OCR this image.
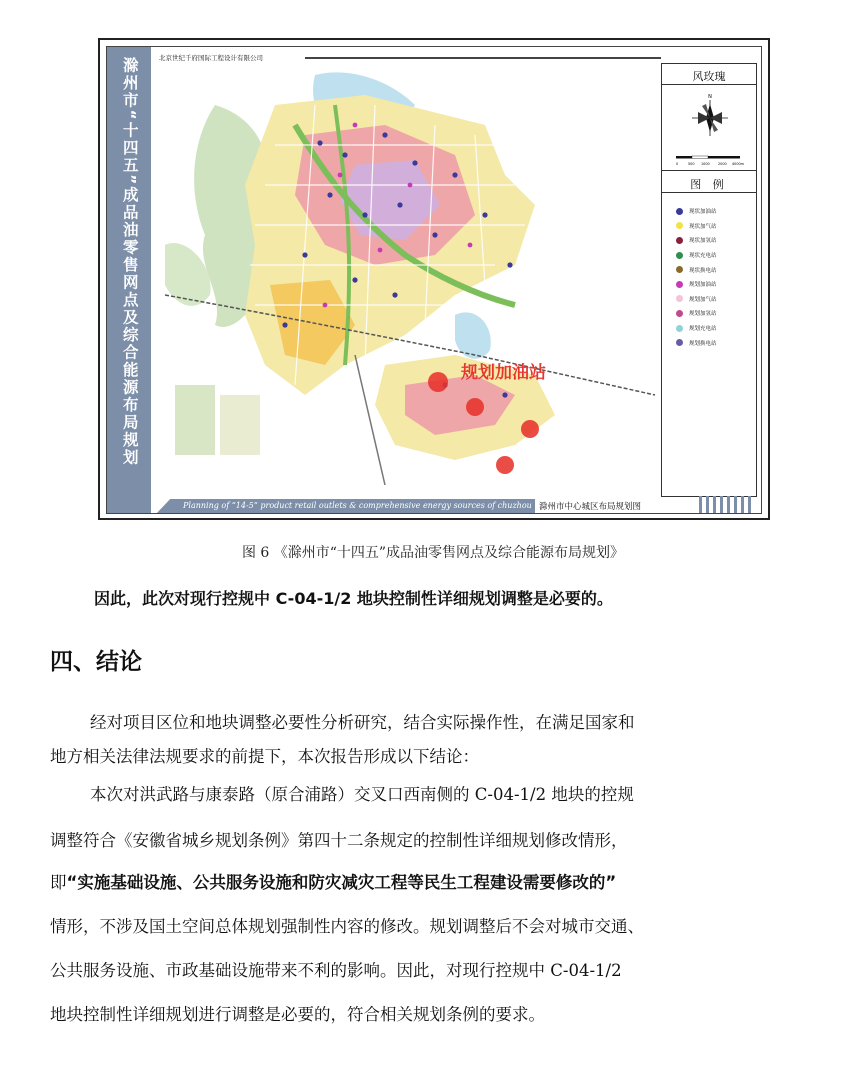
滁州市“十四五”成品油零售网点及综合能源布局规划	北京世纪千府国际工程设计有限公司
规划加油站
风玫瑰
N
0	500 1000 2000 4000m
图 例
现状加油站
现状加气站
现状加氢站
现状充电站
现状换电站
规划加油站
规划加气站
规划加氢站
规划充电站
规划换电站
Planning of “14-5” product retail outlets & comprehensive energy sources of chuzhou 滁州市中心城区布局规划图
图 6 《滁州市“十四五”成品油零售网点及综合能源布局规划》
因此，此次对现行控规中 C-04-1/2 地块控制性详细规划调整是必要的。
四、结论
经对项目区位和地块调整必要性分析研究，结合实际操作性，在满足国家和
地方相关法律法规要求的前提下，本次报告形成以下结论：
本次对洪武路与康泰路（原合浦路）交叉口西南侧的 C-04-1/2 地块的控规
调整符合《安徽省城乡规划条例》第四十二条规定的控制性详细规划修改情形，
即“实施基础设施、公共服务设施和防灾减灾工程等民生工程建设需要修改的”
情形，不涉及国土空间总体规划强制性内容的修改。规划调整后不会对城市交通、
公共服务设施、市政基础设施带来不利的影响。因此，对现行控规中 C-04-1/2
地块控制性详细规划进行调整是必要的，符合相关规划条例的要求。
